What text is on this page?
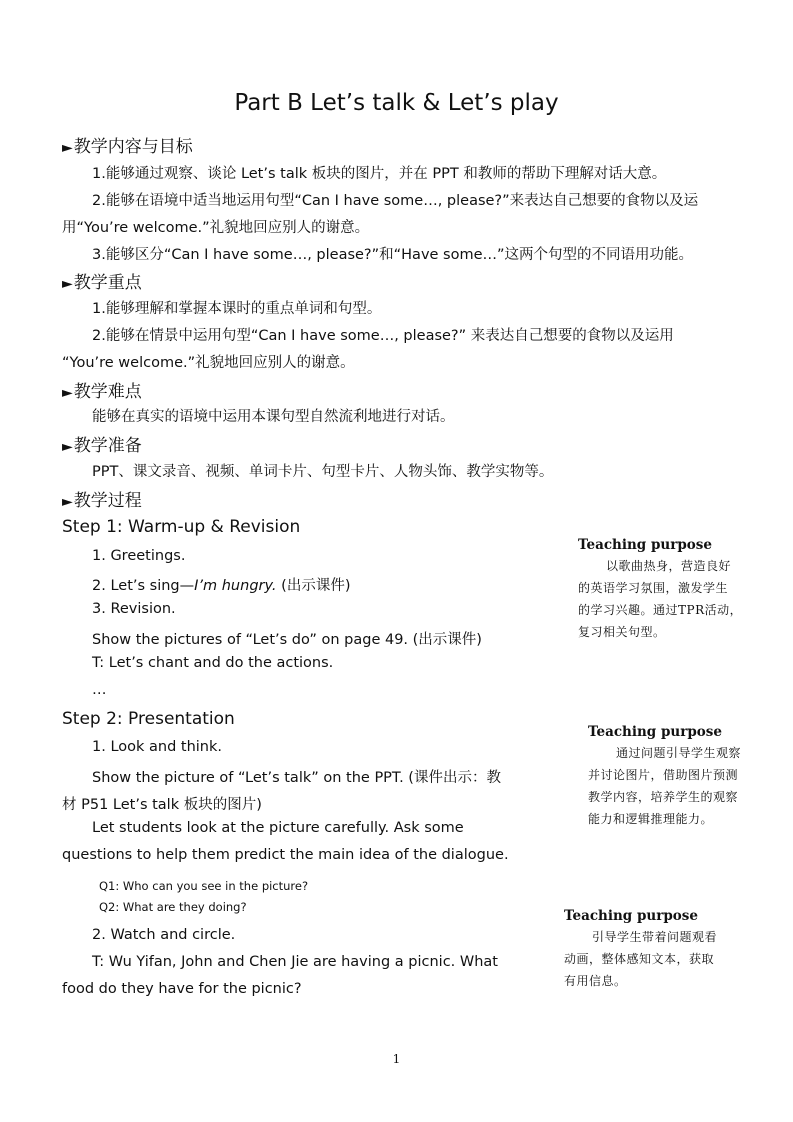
Part B Let’s talk & Let’s play
►教学内容与目标
1.能够通过观察、谈论 Let’s talk 板块的图片，并在 PPT 和教师的帮助下理解对话大意。
2.能够在语境中适当地运用句型“Can I have some…, please?”来表达自己想要的食物以及运
用“You’re welcome.”礼貌地回应别人的谢意。
3.能够区分“Can I have some…, please?”和“Have some…”这两个句型的不同语用功能。
►教学重点
1.能够理解和掌握本课时的重点单词和句型。
2.能够在情景中运用句型“Can I have some…, please?” 来表达自己想要的食物以及运用
“You’re welcome.”礼貌地回应别人的谢意。
►教学难点
能够在真实的语境中运用本课句型自然流利地进行对话。
►教学准备
PPT、课文录音、视频、单词卡片、句型卡片、人物头饰、教学实物等。
►教学过程
Step 1: Warm-up & Revision
1. Greetings.
2. Let’s sing—I’m hungry. (出示课件)
3. Revision.
Show the pictures of “Let’s do” on page 49. (出示课件)
T: Let’s chant and do the actions.
…
Step 2: Presentation
1. Look and think.
Show the picture of “Let’s talk” on the PPT. (课件出示：教
材 P51 Let’s talk 板块的图片)
Let students look at the picture carefully. Ask some
questions to help them predict the main idea of the dialogue.
Q1: Who can you see in the picture?
Q2: What are they doing?
2. Watch and circle.
T: Wu Yifan, John and Chen Jie are having a picnic. What
food do they have for the picnic?
Teaching purpose
以歌曲热身，营造良好
的英语学习氛围，激发学生
的学习兴趣。通过TPR活动，
复习相关句型。
Teaching purpose
通过问题引导学生观察
并讨论图片，借助图片预测
教学内容，培养学生的观察
能力和逻辑推理能力。
Teaching purpose
引导学生带着问题观看
动画，整体感知文本，获取
有用信息。
1
